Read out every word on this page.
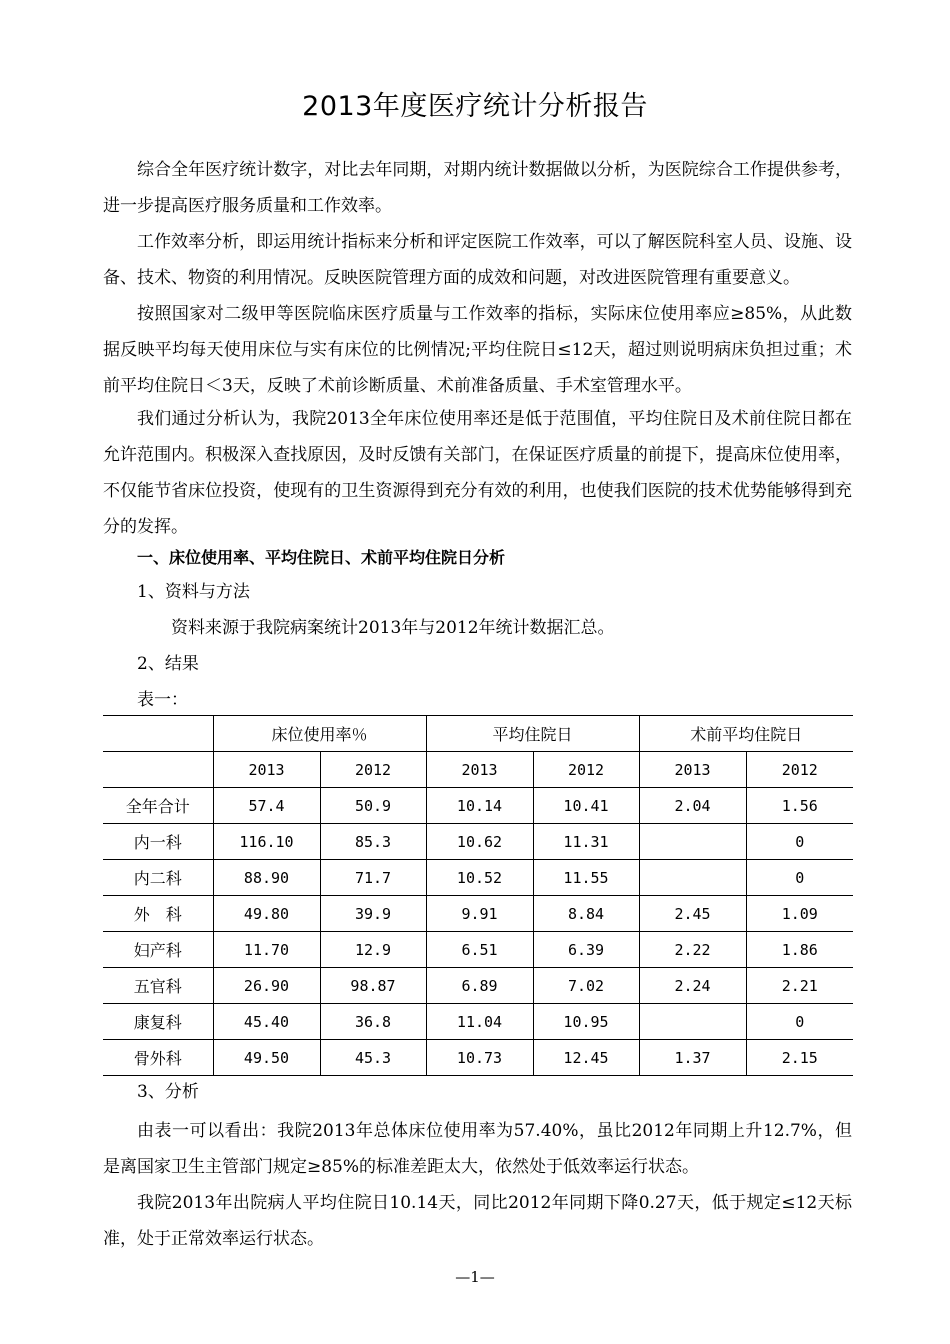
2013年度医疗统计分析报告

综合全年医疗统计数字，对比去年同期，对期内统计数据做以分析，为医院综合工作提供参考，进一步提高医疗服务质量和工作效率。

工作效率分析，即运用统计指标来分析和评定医院工作效率，可以了解医院科室人员、设施、设备、技术、物资的利用情况。反映医院管理方面的成效和问题，对改进医院管理有重要意义。

按照国家对二级甲等医院临床医疗质量与工作效率的指标，实际床位使用率应≥85%，从此数据反映平均每天使用床位与实有床位的比例情况;平均住院日≤12天，超过则说明病床负担过重；术前平均住院日＜3天，反映了术前诊断质量、术前准备质量、手术室管理水平。

我们通过分析认为，我院2013全年床位使用率还是低于范围值，平均住院日及术前住院日都在允许范围内。积极深入查找原因，及时反馈有关部门，在保证医疗质量的前提下，提高床位使用率，不仅能节省床位投资，使现有的卫生资源得到充分有效的利用，也使我们医院的技术优势能够得到充分的发挥。

一、床位使用率、平均住院日、术前平均住院日分析

1、资料与方法

资料来源于我院病案统计2013年与2012年统计数据汇总。

2、结果

表一：

	床位使用率％		平均住院日		术前平均住院日	
	2013	2012	2013	2012	2013	2012
全年合计	57.4	50.9	10.14	10.41	2.04	1.56
内一科	116.10	85.3	10.62	11.31		0
内二科	88.90	71.7	10.52	11.55		0
外　科	49.80	39.9	9.91	8.84	2.45	1.09
妇产科	11.70	12.9	6.51	6.39	2.22	1.86
五官科	26.90	98.87	6.89	7.02	2.24	2.21
康复科	45.40	36.8	11.04	10.95		0
骨外科	49.50	45.3	10.73	12.45	1.37	2.15

3、分析

由表一可以看出：我院2013年总体床位使用率为57.40%，虽比2012年同期上升12.7%，但是离国家卫生主管部门规定≥85%的标准差距太大，依然处于低效率运行状态。

我院2013年出院病人平均住院日10.14天，同比2012年同期下降0.27天，低于规定≤12天标准，处于正常效率运行状态。

—1—
